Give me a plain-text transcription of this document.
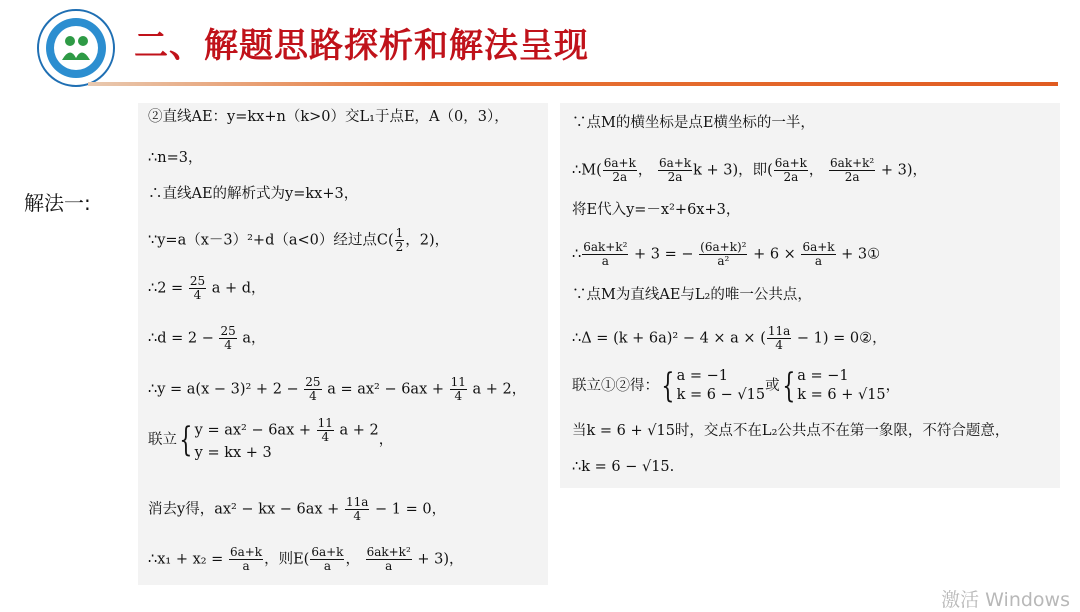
二、解题思路探析和解法呈现
解法一:
②直线AE：y=kx+n（k>0）交L₁于点E，A（0，3），
∴n=3，
∴直线AE的解析式为y=kx+3，
∵y=a（x－3）²+d（a<0）经过点$C( \frac{1}{2}$ ，2)，
∴2 = $\frac{25}{4}$ a + d，
∴d = $2 - \frac{25}{4}$ a，
∴y = $a(x - 3)^2 + 2 - \frac{25}{4}$ $a = ax^2 - 6ax + \frac{11}{4}$ a + 2，
联立{ $y = ax^2 - 6ax + \frac{11}{4}$ a + 2
y = kx + 3
，
消去y得，ax² − kx − $6ax + \frac{11a}{4} - 1 = 0$，
∴x₁ + $x_2 = \frac{6a+k}{a}$ ，则$E( \frac{6a+k}{a}$ ， $\frac{\text{6ak+k²}}{a} + 3$)，
∵点M的横坐标是点E横坐标的一半，
∴M( $\frac{6a+k}{2a}$ ， $\frac{6a+k}{2a}$ k + 3)，即( $\frac{6a+k}{2a}$ ， $\frac{\text{6ak+k²}}{2a} + 3$)，
将E代入y=－x²+6x+3，
∴ $\frac{\text{6ak+k²}}{a} + 3$ = − $\frac{\text{(6a+k)²}}{\text{a²}} + 6 \times \frac{6a+k}{a}$ + 3①
∵点M为直线AE与L₂的唯一公共点，
∴Δ = (k + 6a)² − 4 × a × ( $\frac{11a}{4} - 1$) = 0②，
联立①②得：{ a = −1
k = 6 − √15
或{ a = −1
k = 6 + √15
，
当k = 6 + √15时，交点不在L₂公共点不在第一象限，不符合题意，
∴k = 6 − √15.
激活 Windows
